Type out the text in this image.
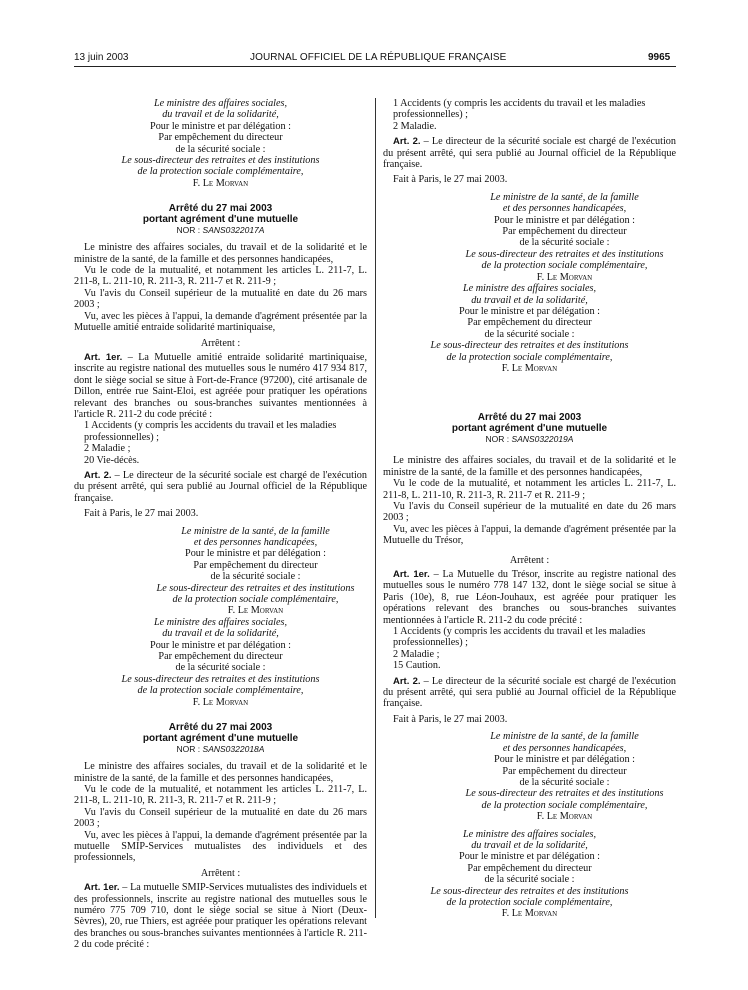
13 juin 2003	JOURNAL OFFICIEL DE LA RÉPUBLIQUE FRANÇAISE	9965

Le ministre des affaires sociales,

du travail et de la solidarité,

Pour le ministre et par délégation :

Par empêchement du directeur

de la sécurité sociale :

Le sous-directeur des retraites et des institutions

de la protection sociale complémentaire,

F. Le Morvan

Arrêté du 27 mai 2003

portant agrément d'une mutuelle

NOR : SANS0322017A

Le ministre des affaires sociales, du travail et de la solidarité et le ministre de la santé, de la famille et des personnes handicapées,

Vu le code de la mutualité, et notamment les articles L. 211-7, L. 211-8, L. 211-10, R. 211-3, R. 211-7 et R. 211-9 ;

Vu l'avis du Conseil supérieur de la mutualité en date du 26 mars 2003 ;

Vu, avec les pièces à l'appui, la demande d'agrément présentée par la Mutuelle amitié entraide solidarité martiniquaise,

Arrêtent :

Art. 1er. – La Mutuelle amitié entraide solidarité martiniquaise, inscrite au registre national des mutuelles sous le numéro 417 934 817, dont le siège social se situe à Fort-de-France (97200), cité artisanale de Dillon, entrée rue Saint-Eloi, est agréée pour pratiquer les opérations relevant des branches ou sous-branches suivantes mentionnées à l'article R. 211-2 du code précité :

1 Accidents (y compris les accidents du travail et les maladies professionnelles) ;

2 Maladie ;

20 Vie-décès.

Art. 2. – Le directeur de la sécurité sociale est chargé de l'exécution du présent arrêté, qui sera publié au Journal officiel de la République française.

Fait à Paris, le 27 mai 2003.

Le ministre de la santé, de la famille

et des personnes handicapées,

Pour le ministre et par délégation :

Par empêchement du directeur

de la sécurité sociale :

Le sous-directeur des retraites et des institutions

de la protection sociale complémentaire,

F. Le Morvan

Le ministre des affaires sociales,

du travail et de la solidarité,

Pour le ministre et par délégation :

Par empêchement du directeur

de la sécurité sociale :

Le sous-directeur des retraites et des institutions

de la protection sociale complémentaire,

F. Le Morvan

Arrêté du 27 mai 2003

portant agrément d'une mutuelle

NOR : SANS0322018A

Le ministre des affaires sociales, du travail et de la solidarité et le ministre de la santé, de la famille et des personnes handicapées,

Vu le code de la mutualité, et notamment les articles L. 211-7, L. 211-8, L. 211-10, R. 211-3, R. 211-7 et R. 211-9 ;

Vu l'avis du Conseil supérieur de la mutualité en date du 26 mars 2003 ;

Vu, avec les pièces à l'appui, la demande d'agrément présentée par la mutuelle SMIP-Services mutualistes des individuels et des professionnels,

Arrêtent :

Art. 1er. – La mutuelle SMIP-Services mutualistes des individuels et des professionnels, inscrite au registre national des mutuelles sous le numéro 775 709 710, dont le siège social se situe à Niort (Deux-Sèvres), 20, rue Thiers, est agréée pour pratiquer les opérations relevant des branches ou sous-branches suivantes mentionnées à l'article R. 211-2 du code précité :

1 Accidents (y compris les accidents du travail et les maladies professionnelles) ;

2 Maladie.

Art. 2. – Le directeur de la sécurité sociale est chargé de l'exécution du présent arrêté, qui sera publié au Journal officiel de la République française.

Fait à Paris, le 27 mai 2003.

Le ministre de la santé, de la famille

et des personnes handicapées,

Pour le ministre et par délégation :

Par empêchement du directeur

de la sécurité sociale :

Le sous-directeur des retraites et des institutions

de la protection sociale complémentaire,

F. Le Morvan

Le ministre des affaires sociales,

du travail et de la solidarité,

Pour le ministre et par délégation :

Par empêchement du directeur

de la sécurité sociale :

Le sous-directeur des retraites et des institutions

de la protection sociale complémentaire,

F. Le Morvan

Arrêté du 27 mai 2003

portant agrément d'une mutuelle

NOR : SANS0322019A

Le ministre des affaires sociales, du travail et de la solidarité et le ministre de la santé, de la famille et des personnes handicapées,

Vu le code de la mutualité, et notamment les articles L. 211-7, L. 211-8, L. 211-10, R. 211-3, R. 211-7 et R. 211-9 ;

Vu l'avis du Conseil supérieur de la mutualité en date du 26 mars 2003 ;

Vu, avec les pièces à l'appui, la demande d'agrément présentée par la Mutuelle du Trésor,

Arrêtent :

Art. 1er. – La Mutuelle du Trésor, inscrite au registre national des mutuelles sous le numéro 778 147 132, dont le siège social se situe à Paris (10e), 8, rue Léon-Jouhaux, est agréée pour pratiquer les opérations relevant des branches ou sous-branches suivantes mentionnées à l'article R. 211-2 du code précité :

1 Accidents (y compris les accidents du travail et les maladies professionnelles) ;

2 Maladie ;

15 Caution.

Art. 2. – Le directeur de la sécurité sociale est chargé de l'exécution du présent arrêté, qui sera publié au Journal officiel de la République française.

Fait à Paris, le 27 mai 2003.

Le ministre de la santé, de la famille

et des personnes handicapées,

Pour le ministre et par délégation :

Par empêchement du directeur

de la sécurité sociale :

Le sous-directeur des retraites et des institutions

de la protection sociale complémentaire,

F. Le Morvan

Le ministre des affaires sociales,

du travail et de la solidarité,

Pour le ministre et par délégation :

Par empêchement du directeur

de la sécurité sociale :

Le sous-directeur des retraites et des institutions

de la protection sociale complémentaire,

F. Le Morvan
